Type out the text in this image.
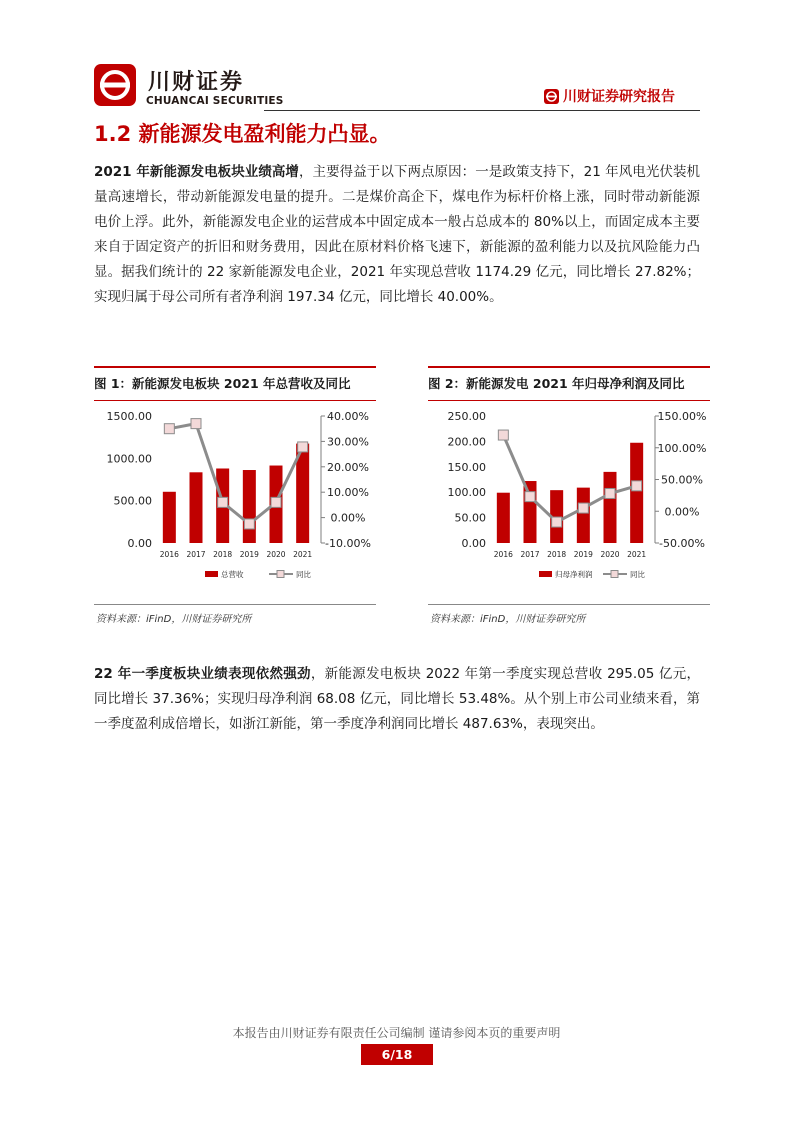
川财证券
CHUANCAI SECURITIES	川财证券研究报告
1.2 新能源发电盈利能力凸显。
2021 年新能源发电板块业绩高增，主要得益于以下两点原因：一是政策支持下，21 年风电光伏装机量高速增长，带动新能源发电量的提升。二是煤价高企下，煤电作为标杆价格上涨，同时带动新能源电价上浮。此外，新能源发电企业的运营成本中固定成本一般占总成本的 80%以上，而固定成本主要来自于固定资产的折旧和财务费用，因此在原材料价格飞速下，新能源的盈利能力以及抗风险能力凸显。据我们统计的 22 家新能源发电企业，2021 年实现总营收 1174.29 亿元，同比增长 27.82%；实现归属于母公司所有者净利润 197.34 亿元，同比增长 40.00%。
图 1：新能源发电板块 2021 年总营收及同比
0.00
500.00
1000.00
1500.00
-10.00%
0.00%
10.00%
20.00%
30.00%
40.00%
2016 2017 2018 2019 2020 2021
总营收	同比
资料来源：iFinD，川财证券研究所
图 2：新能源发电 2021 年归母净利润及同比
0.00
50.00
100.00
150.00
200.00
250.00
-50.00%
0.00%
50.00%
100.00%
150.00%
2016 2017 2018 2019 2020 2021
归母净利润	同比
资料来源：iFinD，川财证券研究所
22 年一季度板块业绩表现依然强劲，新能源发电板块 2022 年第一季度实现总营收 295.05 亿元，同比增长 37.36%；实现归母净利润 68.08 亿元，同比增长 53.48%。从个别上市公司业绩来看，第一季度盈利成倍增长，如浙江新能，第一季度净利润同比增长 487.63%，表现突出。
本报告由川财证券有限责任公司编制 谨请参阅本页的重要声明
6/18
